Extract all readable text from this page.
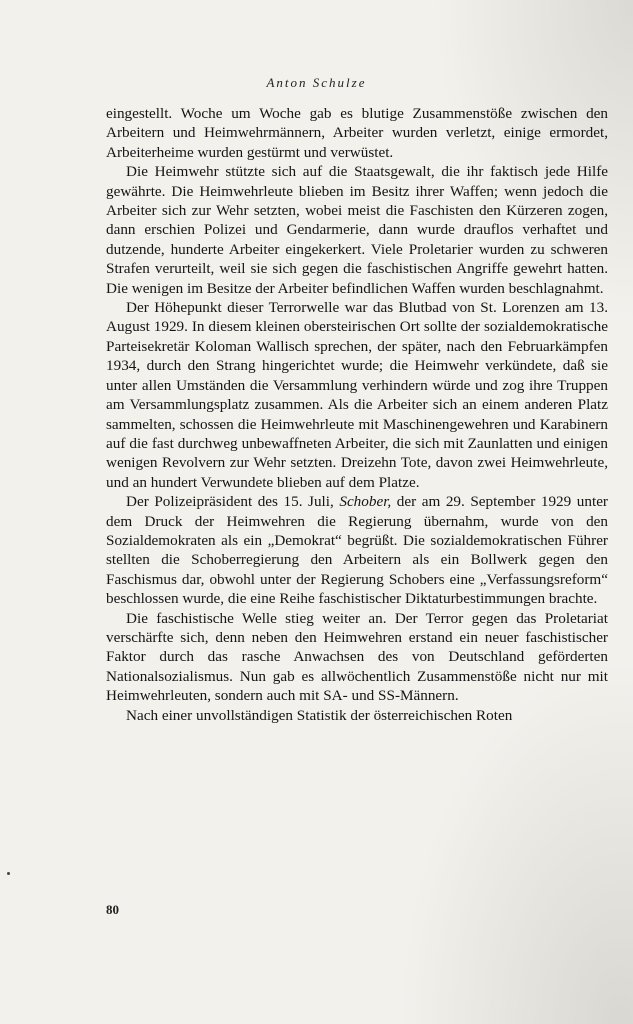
Anton Schulze

eingestellt. Woche um Woche gab es blutige Zusammenstöße zwischen den Arbeitern und Heimwehrmännern, Arbeiter wurden verletzt, einige ermordet, Arbeiterheime wurden gestürmt und verwüstet.

Die Heimwehr stützte sich auf die Staatsgewalt, die ihr faktisch jede Hilfe gewährte. Die Heimwehrleute blieben im Besitz ihrer Waffen; wenn jedoch die Arbeiter sich zur Wehr setzten, wobei meist die Faschisten den Kürzeren zogen, dann erschien Polizei und Gendarmerie, dann wurde drauflos verhaftet und dutzende, hunderte Arbeiter eingekerkert. Viele Proletarier wurden zu schweren Strafen verurteilt, weil sie sich gegen die faschistischen Angriffe gewehrt hatten. Die wenigen im Besitze der Arbeiter befindlichen Waffen wurden beschlagnahmt.

Der Höhepunkt dieser Terrorwelle war das Blutbad von St. Lorenzen am 13. August 1929. In diesem kleinen obersteirischen Ort sollte der sozialdemokratische Parteisekretär Koloman Wallisch sprechen, der später, nach den Februarkämpfen 1934, durch den Strang hingerichtet wurde; die Heimwehr verkündete, daß sie unter allen Umständen die Versammlung verhindern würde und zog ihre Truppen am Versammlungsplatz zusammen. Als die Arbeiter sich an einem anderen Platz sammelten, schossen die Heimwehrleute mit Maschinengewehren und Karabinern auf die fast durchweg unbewaffneten Arbeiter, die sich mit Zaunlatten und einigen wenigen Revolvern zur Wehr setzten. Dreizehn Tote, davon zwei Heimwehrleute, und an hundert Verwundete blieben auf dem Platze.

Der Polizeipräsident des 15. Juli, Schober, der am 29. September 1929 unter dem Druck der Heimwehren die Regierung übernahm, wurde von den Sozialdemokraten als ein „Demokrat“ begrüßt. Die sozialdemokratischen Führer stellten die Schoberregierung den Arbeitern als ein Bollwerk gegen den Faschismus dar, obwohl unter der Regierung Schobers eine „Verfassungsreform“ beschlossen wurde, die eine Reihe faschistischer Diktaturbestimmungen brachte.

Die faschistische Welle stieg weiter an. Der Terror gegen das Proletariat verschärfte sich, denn neben den Heimwehren erstand ein neuer faschistischer Faktor durch das rasche Anwachsen des von Deutschland geförderten Nationalsozialismus. Nun gab es allwöchentlich Zusammenstöße nicht nur mit Heimwehrleuten, sondern auch mit SA- und SS-Männern.

Nach einer unvollständigen Statistik der österreichischen Roten

80
